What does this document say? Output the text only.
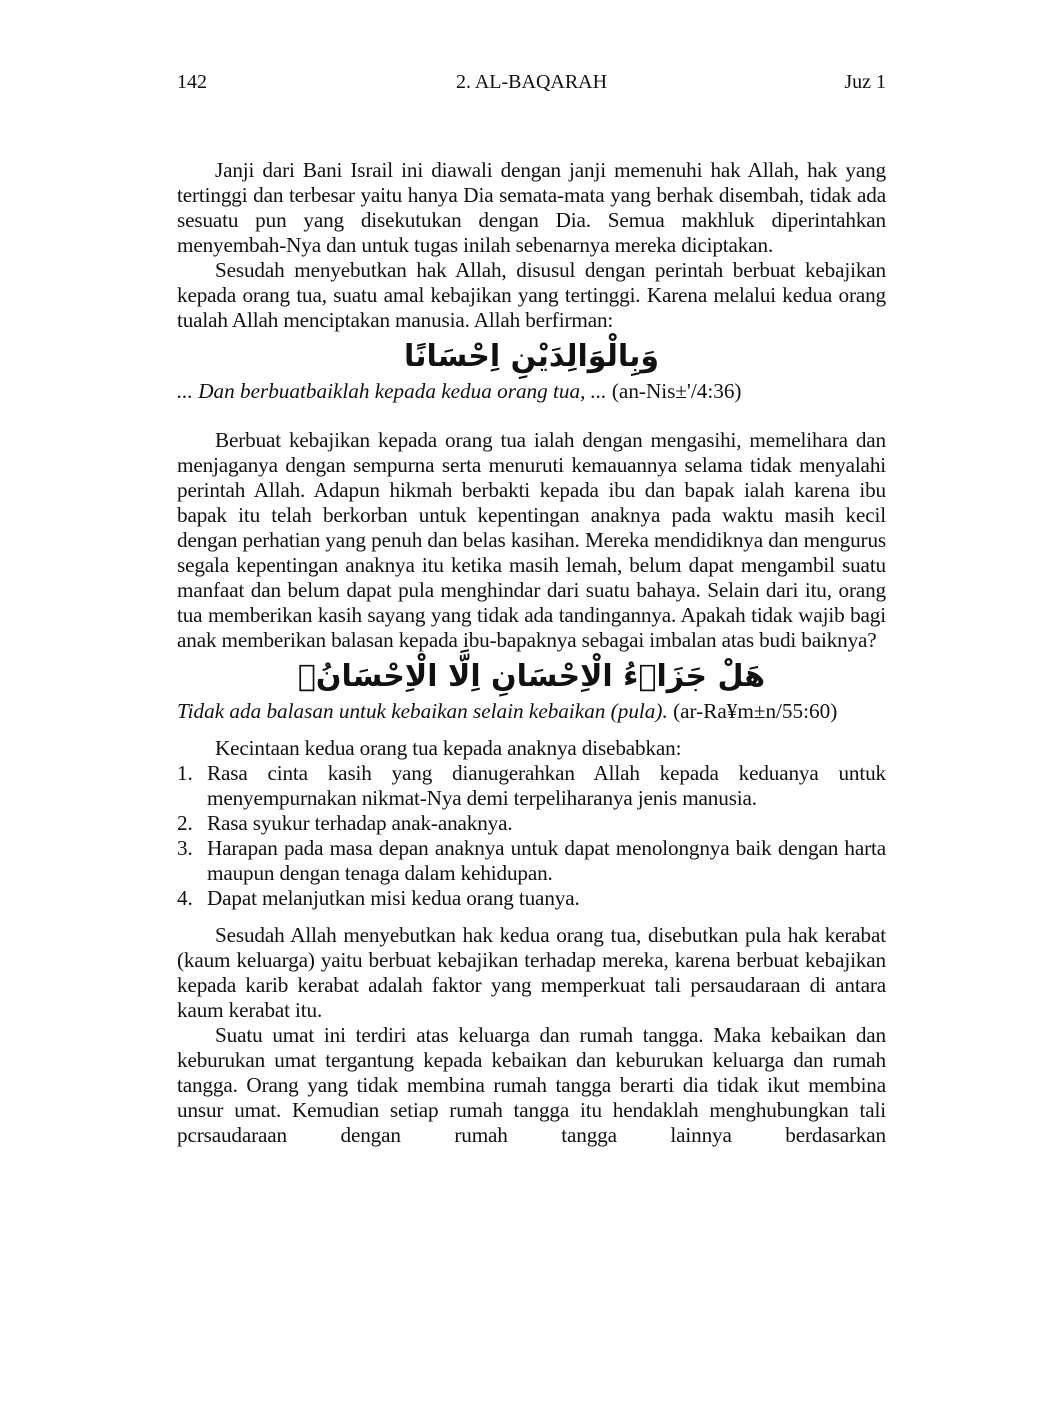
142	2. AL-BAQARAH	Juz 1

Janji dari Bani Israil ini diawali dengan janji memenuhi hak Allah, hak yang tertinggi dan terbesar yaitu hanya Dia semata-mata yang berhak disembah, tidak ada sesuatu pun yang disekutukan dengan Dia. Semua makhluk diperintahkan menyembah-Nya dan untuk tugas inilah sebenarnya mereka diciptakan.

Sesudah menyebutkan hak Allah, disusul dengan perintah berbuat kebajikan kepada orang tua, suatu amal kebajikan yang tertinggi. Karena melalui kedua orang tualah Allah menciptakan manusia. Allah berfirman:

وَبِالْوَالِدَيْنِ اِحْسَانًا

... Dan berbuatbaiklah kepada kedua orang tua, ... (an-Nis±'/4:36)

Berbuat kebajikan kepada orang tua ialah dengan mengasihi, memelihara dan menjaganya dengan sempurna serta menuruti kemauannya selama tidak menyalahi perintah Allah. Adapun hikmah berbakti kepada ibu dan bapak ialah karena ibu bapak itu telah berkorban untuk kepentingan anaknya pada waktu masih kecil dengan perhatian yang penuh dan belas kasihan. Mereka mendidiknya dan mengurus segala kepentingan anaknya itu ketika masih lemah, belum dapat mengambil suatu manfaat dan belum dapat pula menghindar dari suatu bahaya. Selain dari itu, orang tua memberikan kasih sayang yang tidak ada tandingannya. Apakah tidak wajib bagi anak memberikan balasan kepada ibu-bapaknya sebagai imbalan atas budi baiknya?

هَلْ جَزَاۤءُ الْاِحْسَانِ اِلَّا الْاِحْسَانُۚ

Tidak ada balasan untuk kebaikan selain kebaikan (pula). (ar-Ra¥m±n/55:60)

Kecintaan kedua orang tua kepada anaknya disebabkan:

1. Rasa cinta kasih yang dianugerahkan Allah kepada keduanya untuk menyempurnakan nikmat-Nya demi terpeliharanya jenis manusia.
2. Rasa syukur terhadap anak-anaknya.
3. Harapan pada masa depan anaknya untuk dapat menolongnya baik dengan harta maupun dengan tenaga dalam kehidupan.
4. Dapat melanjutkan misi kedua orang tuanya.

Sesudah Allah menyebutkan hak kedua orang tua, disebutkan pula hak kerabat (kaum keluarga) yaitu berbuat kebajikan terhadap mereka, karena berbuat kebajikan kepada karib kerabat adalah faktor yang memperkuat tali persaudaraan di antara kaum kerabat itu.

Suatu umat ini terdiri atas keluarga dan rumah tangga. Maka kebaikan dan keburukan umat tergantung kepada kebaikan dan keburukan keluarga dan rumah tangga. Orang yang tidak membina rumah tangga berarti dia tidak ikut membina unsur umat. Kemudian setiap rumah tangga itu hendaklah menghubungkan tali pcrsaudaraan dengan rumah tangga lainnya berdasarkan
